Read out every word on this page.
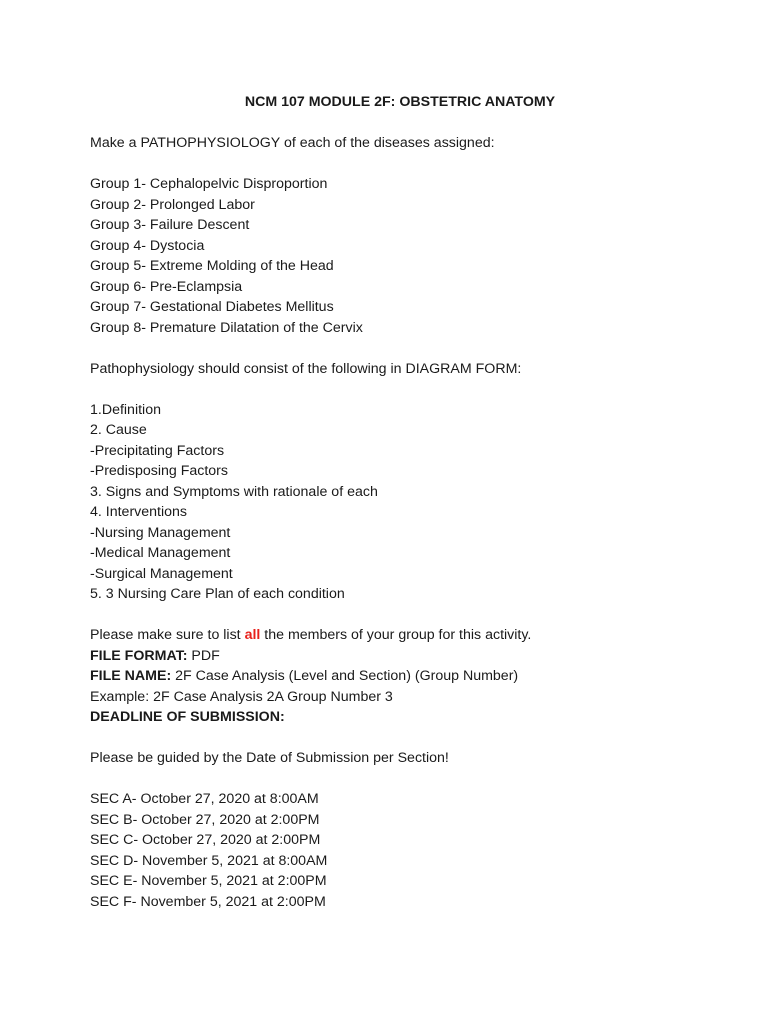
NCM 107 MODULE 2F: OBSTETRIC ANATOMY
Make a PATHOPHYSIOLOGY of each of the diseases assigned:
Group 1- Cephalopelvic Disproportion
Group 2- Prolonged Labor
Group 3- Failure Descent
Group 4- Dystocia
Group 5- Extreme Molding of the Head
Group 6- Pre-Eclampsia
Group 7- Gestational Diabetes Mellitus
Group 8- Premature Dilatation of the Cervix
Pathophysiology should consist of the following in DIAGRAM FORM:
1.Definition
2. Cause
-Precipitating Factors
-Predisposing Factors
3. Signs and Symptoms with rationale of each
4. Interventions
-Nursing Management
-Medical Management
-Surgical Management
5. 3 Nursing Care Plan of each condition
Please make sure to list all the members of your group for this activity.
FILE FORMAT: PDF
FILE NAME: 2F Case Analysis (Level and Section) (Group Number)
Example: 2F Case Analysis 2A Group Number 3
DEADLINE OF SUBMISSION:
Please be guided by the Date of Submission per Section!
SEC A- October 27, 2020 at 8:00AM
SEC B- October 27, 2020 at 2:00PM
SEC C- October 27, 2020 at 2:00PM
SEC D- November 5, 2021 at 8:00AM
SEC E- November 5, 2021 at 2:00PM
SEC F- November 5, 2021 at 2:00PM
